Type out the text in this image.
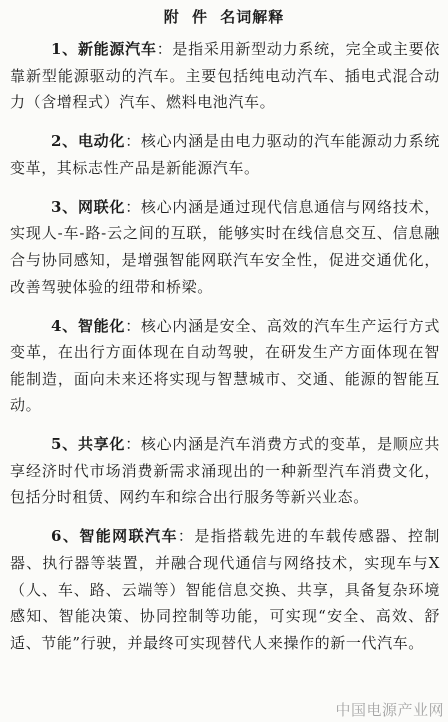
附 件 名词解释

1、新能源汽车：是指采用新型动力系统，完全或主要依靠新型能源驱动的汽车。主要包括纯电动汽车、插电式混合动力（含增程式）汽车、燃料电池汽车。

2、电动化：核心内涵是由电力驱动的汽车能源动力系统变革，其标志性产品是新能源汽车。

3、网联化：核心内涵是通过现代信息通信与网络技术，实现人-车-路-云之间的互联，能够实时在线信息交互、信息融合与协同感知，是增强智能网联汽车安全性，促进交通优化，改善驾驶体验的纽带和桥梁。

4、智能化：核心内涵是安全、高效的汽车生产运行方式变革，在出行方面体现在自动驾驶，在研发生产方面体现在智能制造，面向未来还将实现与智慧城市、交通、能源的智能互动。

5、共享化：核心内涵是汽车消费方式的变革，是顺应共享经济时代市场消费新需求涌现出的一种新型汽车消费文化，包括分时租赁、网约车和综合出行服务等新兴业态。

6、智能网联汽车：是指搭载先进的车载传感器、控制器、执行器等装置，并融合现代通信与网络技术，实现车与X（人、车、路、云端等）智能信息交换、共享，具备复杂环境感知、智能决策、协同控制等功能，可实现“安全、高效、舒适、节能”行驶，并最终可实现替代人来操作的新一代汽车。

中国电源产业网
